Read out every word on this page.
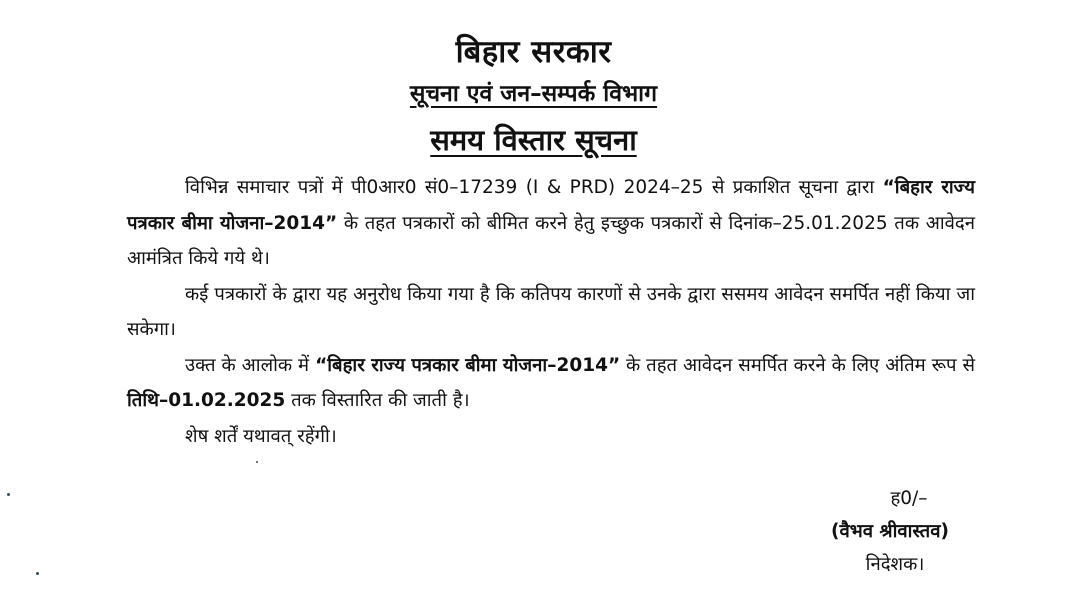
बिहार सरकार
सूचना एवं जन–सम्पर्क विभाग
समय विस्तार सूचना

विभिन्न समाचार पत्रों में पी0आर0 सं0–17239 (I & PRD) 2024–25 से प्रकाशित सूचना द्वारा “बिहार राज्य पत्रकार बीमा योजना–2014” के तहत पत्रकारों को बीमित करने हेतु इच्छुक पत्रकारों से दिनांक–25.01.2025 तक आवेदन आमंत्रित किये गये थे।

कई पत्रकारों के द्वारा यह अनुरोध किया गया है कि कतिपय कारणों से उनके द्वारा ससमय आवेदन समर्पित नहीं किया जा सकेगा।

उक्त के आलोक में “बिहार राज्य पत्रकार बीमा योजना–2014” के तहत आवेदन समर्पित करने के लिए अंतिम रूप से तिथि–01.02.2025 तक विस्तारित की जाती है।

शेष शर्तें यथावत् रहेंगी।

ह0/–
(वैभव श्रीवास्तव)
निदेशक।
